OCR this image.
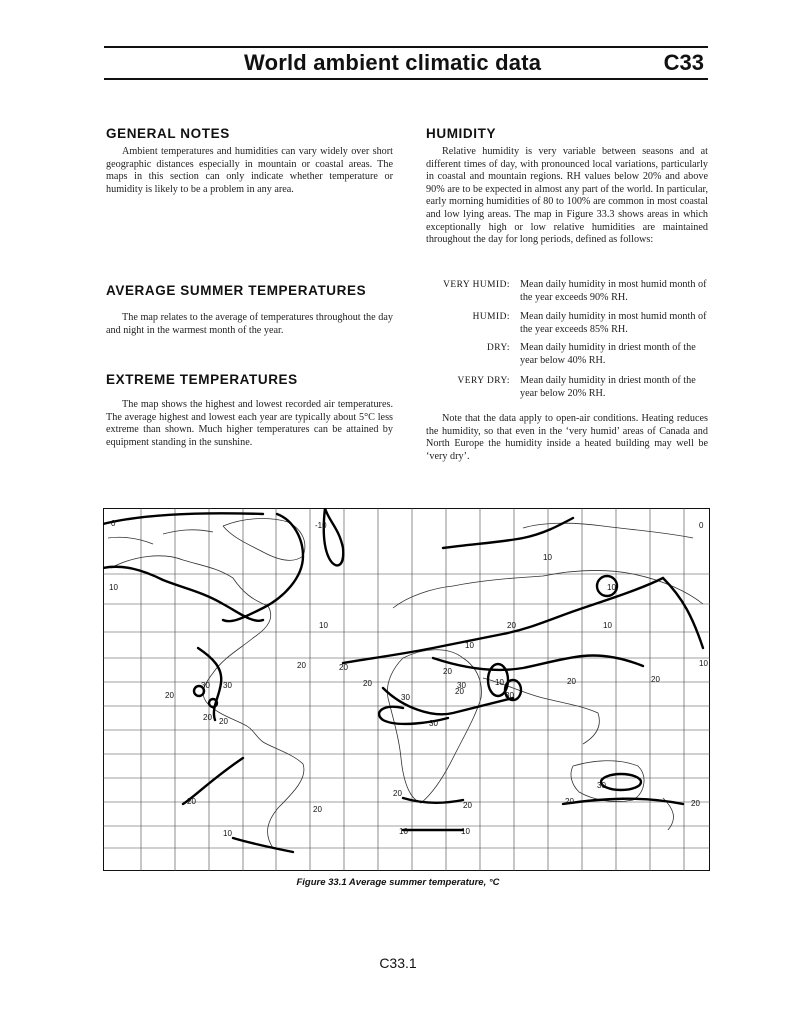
World ambient climatic data	C33
GENERAL NOTES

Ambient temperatures and humidities can vary widely over short geographic distances especially in mountain or coastal areas. The maps in this section can only indicate whether temperature or humidity is likely to be a problem in any area.

AVERAGE SUMMER TEMPERATURES

The map relates to the average of temperatures throughout the day and night in the warmest month of the year.

EXTREME TEMPERATURES

The map shows the highest and lowest recorded air temperatures. The average highest and lowest each year are typically about 5°C less extreme than shown. Much higher temperatures can be attained by equipment standing in the sunshine.

HUMIDITY

Relative humidity is very variable between seasons and at different times of day, with pronounced local variations, particularly in coastal and mountain regions. RH values below 20% and above 90% are to be expected in almost any part of the world. In particular, early morning humidities of 80 to 100% are common in most coastal and low lying areas. The map in Figure 33.3 shows areas in which exceptionally high or low relative humidities are maintained throughout the day for long periods, defined as follows:

VERY HUMID: Mean daily humidity in most humid month of the year exceeds 90% RH.
HUMID: Mean daily humidity in most humid month of the year exceeds 85% RH.
DRY: Mean daily humidity in driest month of the year below 40% RH.
VERY DRY: Mean daily humidity in driest month of the year below 20% RH.

Note that the data apply to open-air conditions. Heating reduces the humidity, so that even in the ‘very humid’ areas of Canada and North Europe the humidity inside a heated building may well be ‘very dry’.

0	0
-10
10
10
10
10
10
10
10
10
10	10
10
20	20
20
20 20
20
20
20	20
20
20
20
20
20
20	20	20
30 30
30
30
30
30
30
Figure 33.1 Average summer temperature, °C
C33.1
